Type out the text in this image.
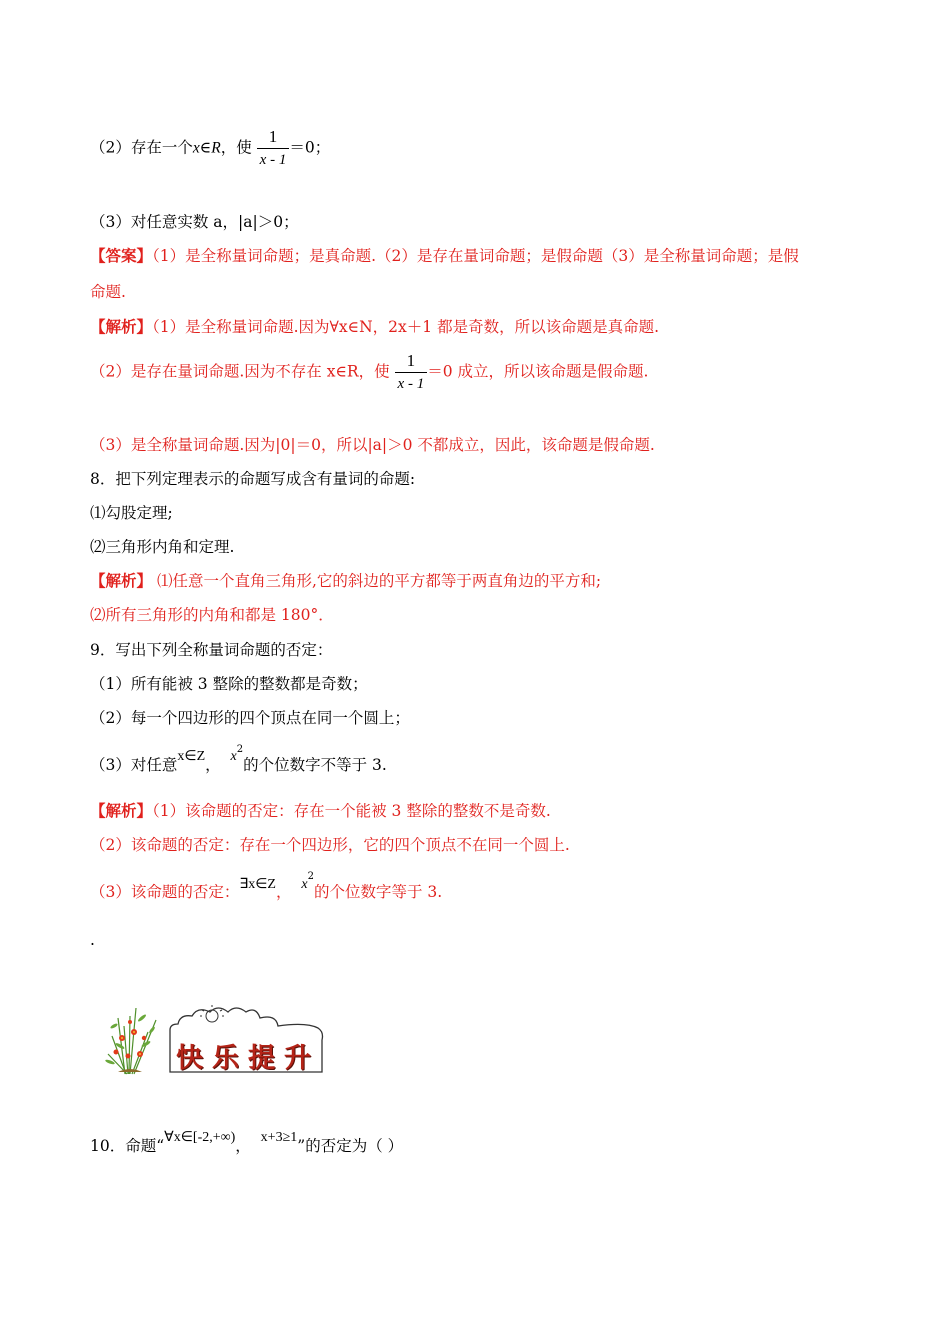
（2）存在一个x∈R，使 $\frac{1}{x - 1} =0$；
（3）对任意实数 a，|a|＞0；
【答案】（1）是全称量词命题；是真命题.（2）是存在量词命题；是假命题（3）是全称量词命题；是假
命题.
【解析】（1）是全称量词命题.因为∀x∈N，2x＋1 都是奇数，所以该命题是真命题.
（2）是存在量词命题.因为不存在 x∈R，使 $\frac{1}{x - 1} =0$ 成立，所以该命题是假命题.
（3）是全称量词命题.因为|0|＝0，所以|a|＞0 不都成立，因此，该命题是假命题.
8．把下列定理表示的命题写成含有量词的命题:
⑴勾股定理;
⑵三角形内角和定理.
【解析】 ⑴任意一个直角三角形,它的斜边的平方都等于两直角边的平方和;
⑵所有三角形的内角和都是 180°．
9．写出下列全称量词命题的否定：
（1）所有能被 3 整除的整数都是奇数；
（2）每一个四边形的四个顶点在同一个圆上；
（3）对任意x∈Z， $x^2$的个位数字不等于 3.
【解析】（1）该命题的否定：存在一个能被 3 整除的整数不是奇数.
（2）该命题的否定：存在一个四边形，它的四个顶点不在同一个圆上.
（3）该命题的否定：∃x∈Z， $x^2$的个位数字等于 3.
.
快乐提升
10．命题“∀x∈[-2,+∞)， x+3≥1”的否定为（ ）
